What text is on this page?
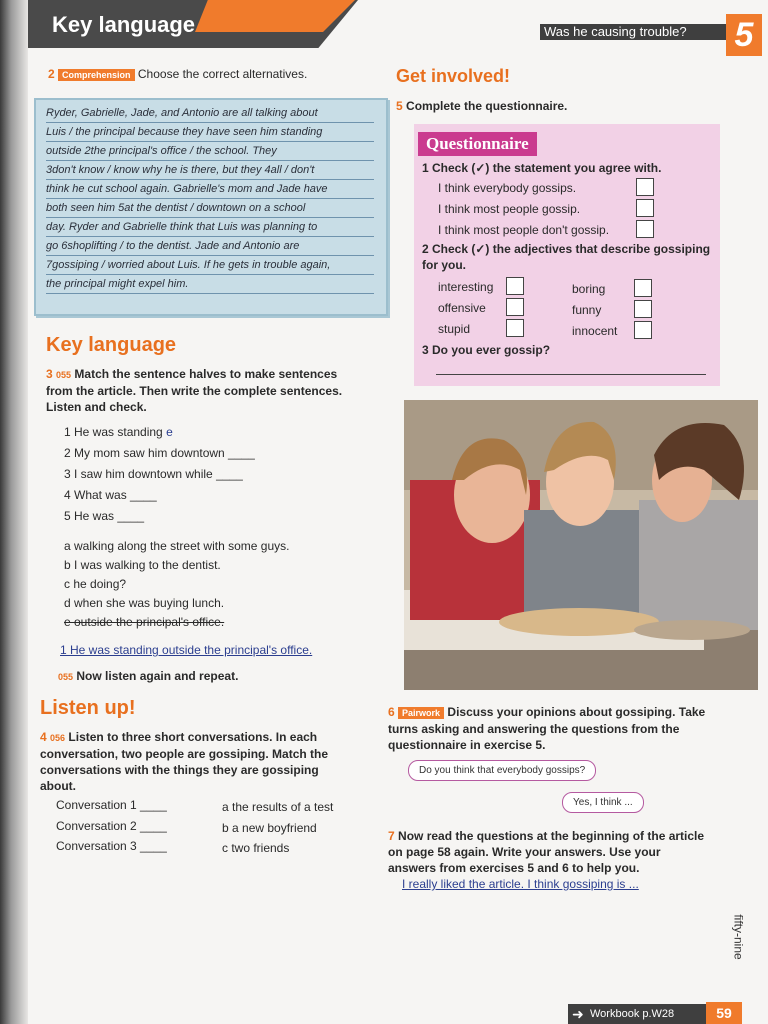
Key language	Was he causing trouble?	5
2 Comprehension Choose the correct alternatives.
Ryder, Gabrielle, Jade, and Antonio are all talking about
Luis / the principal because they have seen him standing
outside 2the principal's office / the school. They
3don't know / know why he is there, but they 4all / don't
think he cut school again. Gabrielle's mom and Jade have
both seen him 5at the dentist / downtown on a school
day. Ryder and Gabrielle think that Luis was planning to
go 6shoplifting / to the dentist. Jade and Antonio are
7gossiping / worried about Luis. If he gets in trouble again,
the principal might expel him.
Key language
3 055 Match the sentence halves to make sentences from the article. Then write the complete sentences. Listen and check.
1 He was standing e
2 My mom saw him downtown ____
3 I saw him downtown while ____
4 What was ____
5 He was ____
a walking along the street with some guys.
b I was walking to the dentist.
c he doing?
d when she was buying lunch.
e outside the principal's office.
1 He was standing outside the principal's office.
055 Now listen again and repeat.
Listen up!
4 056 Listen to three short conversations. In each conversation, two people are gossiping. Match the conversations with the things they are gossiping about.
Conversation 1 ____
Conversation 2 ____
Conversation 3 ____
a the results of a test
b a new boyfriend
c two friends
Get involved!
5 Complete the questionnaire.
Questionnaire
1 Check (✓) the statement you agree with.
I think everybody gossips.
I think most people gossip.
I think most people don't gossip.
2 Check (✓) the adjectives that describe gossiping for you.
interesting
offensive
stupid
boring
funny
innocent
3 Do you ever gossip?
6 Pairwork Discuss your opinions about gossiping. Take turns asking and answering the questions from the questionnaire in exercise 5.
Do you think that everybody gossips?
Yes, I think ...
7 Now read the questions at the beginning of the article on page 58 again. Write your answers. Use your answers from exercises 5 and 6 to help you.
I really liked the article. I think gossiping is ...
fifty-nine
➜ Workbook p.W28	59
